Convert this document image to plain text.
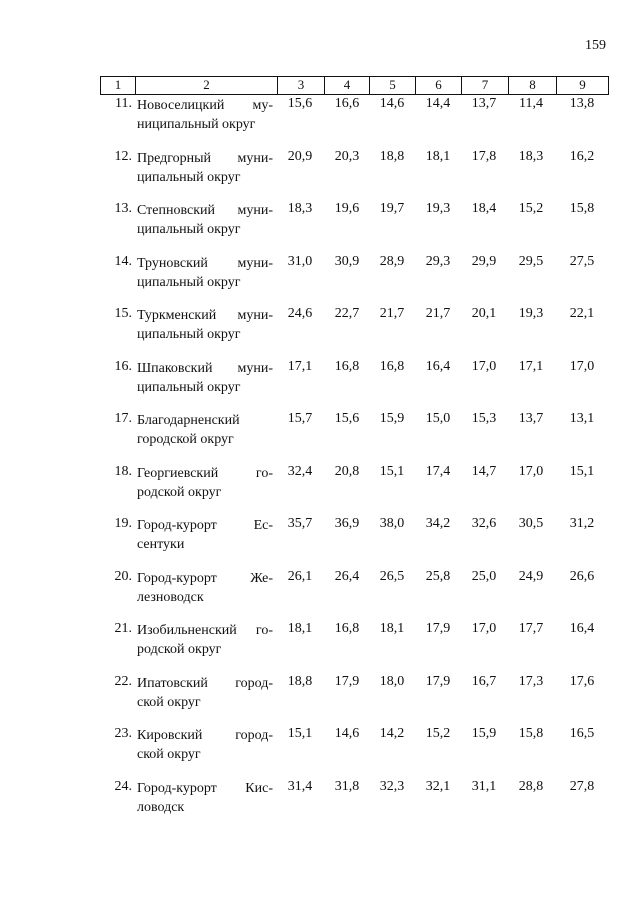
159
1	2	3	4	5	6	7	8	9
11. Новоселицкий му-
ниципальный округ
15,6	16,6	14,6	14,4	13,7	11,4	13,8
12. Предгорный муни-
ципальный округ
20,9	20,3	18,8	18,1	17,8	18,3	16,2
13. Степновский муни-
ципальный округ
18,3	19,6	19,7	19,3	18,4	15,2	15,8
14. Труновский муни-
ципальный округ
31,0	30,9	28,9	29,3	29,9	29,5	27,5
15. Туркменский муни-
ципальный округ
24,6	22,7	21,7	21,7	20,1	19,3	22,1
16. Шпаковский муни-
ципальный округ
17,1	16,8	16,8	16,4	17,0	17,1	17,0
17. Благодарненский
городской округ
15,7	15,6	15,9	15,0	15,3	13,7	13,1
18. Георгиевский го-
родской округ
32,4	20,8	15,1	17,4	14,7	17,0	15,1
19. Город-курорт Ес-
сентуки
35,7	36,9	38,0	34,2	32,6	30,5	31,2
20. Город-курорт Же-
лезноводск
26,1	26,4	26,5	25,8	25,0	24,9	26,6
21. Изобильненский го-
родской округ
18,1	16,8	18,1	17,9	17,0	17,7	16,4
22. Ипатовский город-
ской округ
18,8	17,9	18,0	17,9	16,7	17,3	17,6
23. Кировский город-
ской округ
15,1	14,6	14,2	15,2	15,9	15,8	16,5
24. Город-курорт Кис-
ловодск
31,4	31,8	32,3	32,1	31,1	28,8	27,8
